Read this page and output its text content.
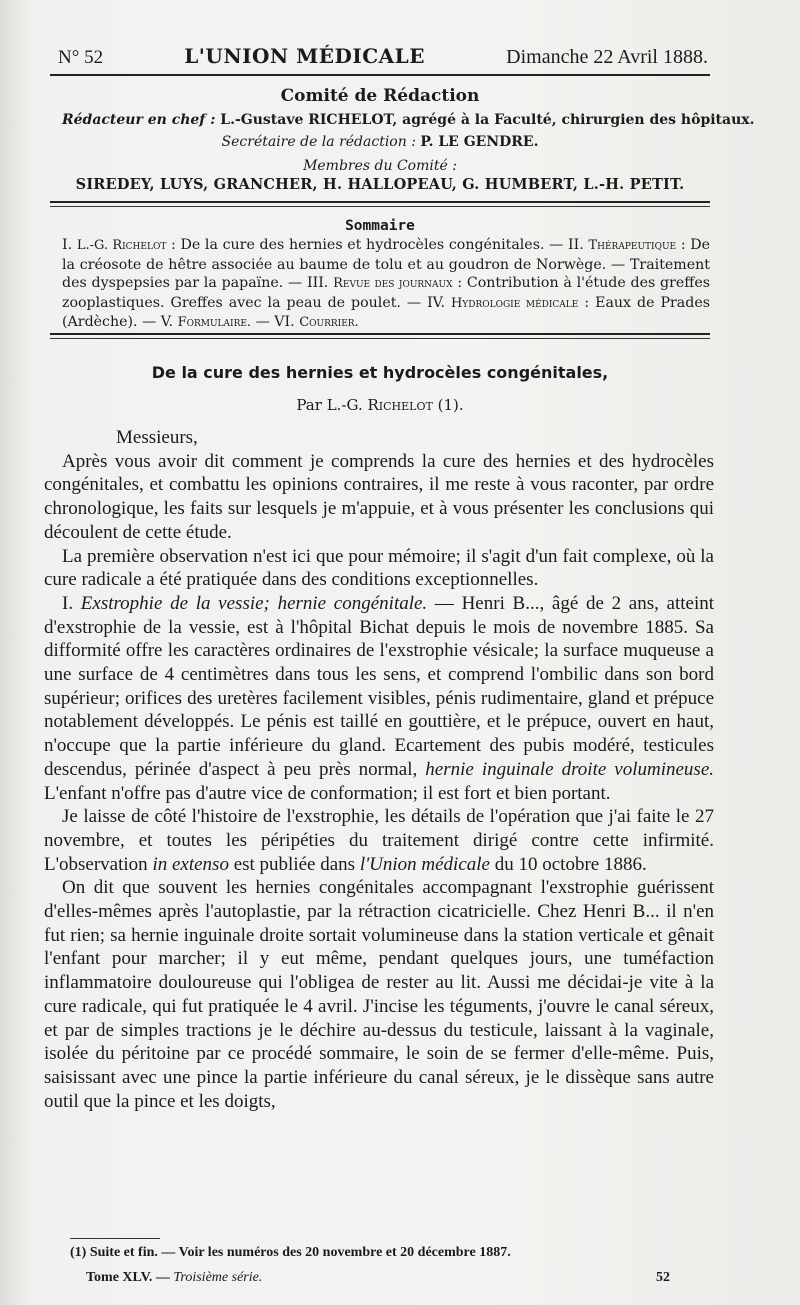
N° 52	L'UNION MÉDICALE	Dimanche 22 Avril 1888.
Comité de Rédaction
Rédacteur en chef : L.-Gustave RICHELOT, agrégé à la Faculté, chirurgien des hôpitaux.
Secrétaire de la rédaction : P. LE GENDRE.
Membres du Comité :
SIREDEY, LUYS, GRANCHER, H. HALLOPEAU, G. HUMBERT, L.-H. PETIT.
Sommaire
I. L.-G. Richelot : De la cure des hernies et hydrocèles congénitales. — II. Thérapeutique : De la créosote de hêtre associée au baume de tolu et au goudron de Norwège. — Traitement des dyspepsies par la papaïne. — III. Revue des journaux : Contribution à l'étude des greffes zooplastiques. Greffes avec la peau de poulet. — IV. Hydrologie médicale : Eaux de Prades (Ardèche). — V. Formulaire. — VI. Courrier.
De la cure des hernies et hydrocèles congénitales,
Par L.-G. Richelot (1).

Messieurs,

Après vous avoir dit comment je comprends la cure des hernies et des hydrocèles congénitales, et combattu les opinions contraires, il me reste à vous raconter, par ordre chronologique, les faits sur lesquels je m'appuie, et à vous présenter les conclusions qui découlent de cette étude.

La première observation n'est ici que pour mémoire; il s'agit d'un fait complexe, où la cure radicale a été pratiquée dans des conditions exceptionnelles.

I. Exstrophie de la vessie; hernie congénitale. — Henri B..., âgé de 2 ans, atteint d'exstrophie de la vessie, est à l'hôpital Bichat depuis le mois de novembre 1885. Sa difformité offre les caractères ordinaires de l'exstrophie vésicale; la surface muqueuse a une surface de 4 centimètres dans tous les sens, et comprend l'ombilic dans son bord supérieur; orifices des uretères facilement visibles, pénis rudimentaire, gland et prépuce notablement développés. Le pénis est taillé en gouttière, et le prépuce, ouvert en haut, n'occupe que la partie inférieure du gland. Ecartement des pubis modéré, testicules descendus, périnée d'aspect à peu près normal, hernie inguinale droite volumineuse. L'enfant n'offre pas d'autre vice de conformation; il est fort et bien portant.

Je laisse de côté l'histoire de l'exstrophie, les détails de l'opération que j'ai faite le 27 novembre, et toutes les péripéties du traitement dirigé contre cette infirmité. L'observation in extenso est publiée dans l'Union médicale du 10 octobre 1886.

On dit que souvent les hernies congénitales accompagnant l'exstrophie guérissent d'elles-mêmes après l'autoplastie, par la rétraction cicatricielle. Chez Henri B... il n'en fut rien; sa hernie inguinale droite sortait volumineuse dans la station verticale et gênait l'enfant pour marcher; il y eut même, pendant quelques jours, une tuméfaction inflammatoire douloureuse qui l'obligea de rester au lit. Aussi me décidai-je vite à la cure radicale, qui fut pratiquée le 4 avril. J'incise les téguments, j'ouvre le canal séreux, et par de simples tractions je le déchire au-dessus du testicule, laissant à la vaginale, isolée du péritoine par ce procédé sommaire, le soin de se fermer d'elle-même. Puis, saisissant avec une pince la partie inférieure du canal séreux, je le dissèque sans autre outil que la pince et les doigts,

(1) Suite et fin. — Voir les numéros des 20 novembre et 20 décembre 1887.
Tome XLV. — Troisième série.	52
